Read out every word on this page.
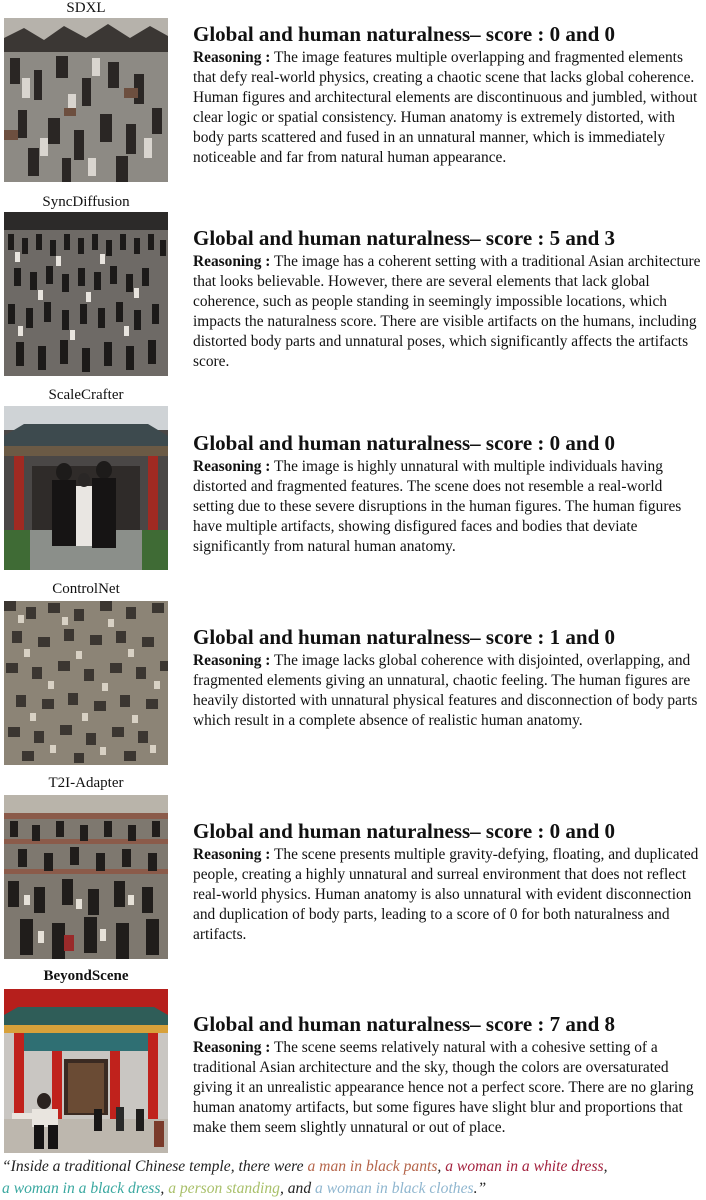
SDXL
Global and human naturalness– score : 0 and 0

Reasoning : The image features multiple overlapping and fragmented elements that defy real-world physics, creating a chaotic scene that lacks global coherence. Human figures and architectural elements are discontinuous and jumbled, without clear logic or spatial consistency. Human anatomy is extremely distorted, with body parts scattered and fused in an unnatural manner, which is immediately noticeable and far from natural human appearance.

SyncDiffusion
Global and human naturalness– score : 5 and 3

Reasoning : The image has a coherent setting with a traditional Asian architecture that looks believable. However, there are several elements that lack global coherence, such as people standing in seemingly impossible locations, which impacts the naturalness score. There are visible artifacts on the humans, including distorted body parts and unnatural poses, which significantly affects the artifacts score.

ScaleCrafter
Global and human naturalness– score : 0 and 0

Reasoning : The image is highly unnatural with multiple individuals having distorted and fragmented features. The scene does not resemble a real-world setting due to these severe disruptions in the human figures. The human figures have multiple artifacts, showing disfigured faces and bodies that deviate significantly from natural human anatomy.

ControlNet
Global and human naturalness– score : 1 and 0

Reasoning : The image lacks global coherence with disjointed, overlapping, and fragmented elements giving an unnatural, chaotic feeling. The human figures are heavily distorted with unnatural physical features and disconnection of body parts which result in a complete absence of realistic human anatomy.

T2I-Adapter
Global and human naturalness– score : 0 and 0

Reasoning : The scene presents multiple gravity-defying, floating, and duplicated people, creating a highly unnatural and surreal environment that does not reflect real-world physics. Human anatomy is also unnatural with evident disconnection and duplication of body parts, leading to a score of 0 for both naturalness and artifacts.

BeyondScene
Global and human naturalness– score : 7 and 8

Reasoning : The scene seems relatively natural with a cohesive setting of a traditional Asian architecture and the sky, though the colors are oversaturated giving it an unrealistic appearance hence not a perfect score. There are no glaring human anatomy artifacts, but some figures have slight blur and proportions that make them seem slightly unnatural or out of place.

“Inside a traditional Chinese temple, there were a man in black pants, a woman in a white dress,
a woman in a black dress, a person standing, and a woman in black clothes.”
